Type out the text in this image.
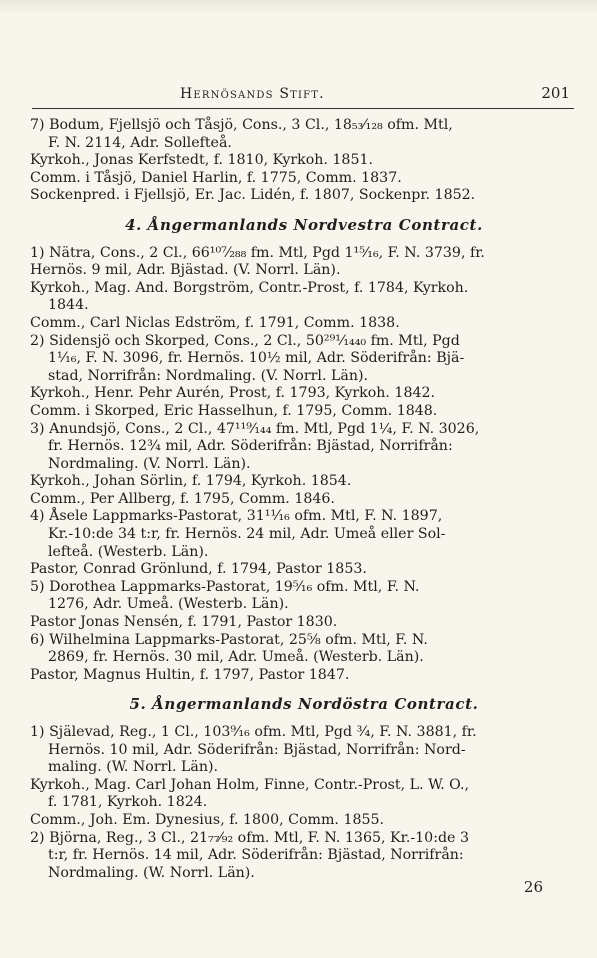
Hernösands Stift.	201
7) Bodum, Fjellsjö och Tåsjö, Cons., 3 Cl., 18₅₃⁄₁₂₈ ofm. Mtl,
F. N. 2114, Adr. Sollefteå.
Kyrkoh., Jonas Kerfstedt, f. 1810, Kyrkoh. 1851.
Comm. i Tåsjö, Daniel Harlin, f. 1775, Comm. 1837.
Sockenpred. i Fjellsjö, Er. Jac. Lidén, f. 1807, Sockenpr. 1852.
4. Ångermanlands Nordvestra Contract.
1) Nätra, Cons., 2 Cl., 66¹⁰⁷⁄₂₈₈ fm. Mtl, Pgd 1¹⁵⁄₁₆, F. N. 3739, fr.
Hernös. 9 mil, Adr. Bjästad. (V. Norrl. Län).
Kyrkoh., Mag. And. Borgström, Contr.-Prost, f. 1784, Kyrkoh.
1844.
Comm., Carl Niclas Edström, f. 1791, Comm. 1838.
2) Sidensjö och Skorped, Cons., 2 Cl., 50²⁹¹⁄₁₄₄₀ fm. Mtl, Pgd
1¹⁄₁₆, F. N. 3096, fr. Hernös. 10½ mil, Adr. Söderifrån: Bjä-
stad, Norrifrån: Nordmaling. (V. Norrl. Län).
Kyrkoh., Henr. Pehr Aurén, Prost, f. 1793, Kyrkoh. 1842.
Comm. i Skorped, Eric Hasselhun, f. 1795, Comm. 1848.
3) Anundsjö, Cons., 2 Cl., 47¹¹⁹⁄₁₄₄ fm. Mtl, Pgd 1¼, F. N. 3026,
fr. Hernös. 12¾ mil, Adr. Söderifrån: Bjästad, Norrifrån:
Nordmaling. (V. Norrl. Län).
Kyrkoh., Johan Sörlin, f. 1794, Kyrkoh. 1854.
Comm., Per Allberg, f. 1795, Comm. 1846.
4) Åsele Lappmarks-Pastorat, 31¹¹⁄₁₆ ofm. Mtl, F. N. 1897,
Kr.-10:de 34 t:r, fr. Hernös. 24 mil, Adr. Umeå eller Sol-
lefteå. (Westerb. Län).
Pastor, Conrad Grönlund, f. 1794, Pastor 1853.
5) Dorothea Lappmarks-Pastorat, 19⁵⁄₁₆ ofm. Mtl, F. N.
1276, Adr. Umeå. (Westerb. Län).
Pastor Jonas Nensén, f. 1791, Pastor 1830.
6) Wilhelmina Lappmarks-Pastorat, 25⁵⁄₈ ofm. Mtl, F. N.
2869, fr. Hernös. 30 mil, Adr. Umeå. (Westerb. Län).
Pastor, Magnus Hultin, f. 1797, Pastor 1847.
5. Ångermanlands Nordöstra Contract.
1) Själevad, Reg., 1 Cl., 103⁹⁄₁₆ ofm. Mtl, Pgd ³⁄₄, F. N. 3881, fr.
Hernös. 10 mil, Adr. Söderifrån: Bjästad, Norrifrån: Nord-
maling. (W. Norrl. Län).
Kyrkoh., Mag. Carl Johan Holm, Finne, Contr.-Prost, L. W. O.,
f. 1781, Kyrkoh. 1824.
Comm., Joh. Em. Dynesius, f. 1800, Comm. 1855.
2) Björna, Reg., 3 Cl., 21₇₇⁄₉₂ ofm. Mtl, F. N. 1365, Kr.-10:de 3
t:r, fr. Hernös. 14 mil, Adr. Söderifrån: Bjästad, Norrifrån:
Nordmaling. (W. Norrl. Län).
26
